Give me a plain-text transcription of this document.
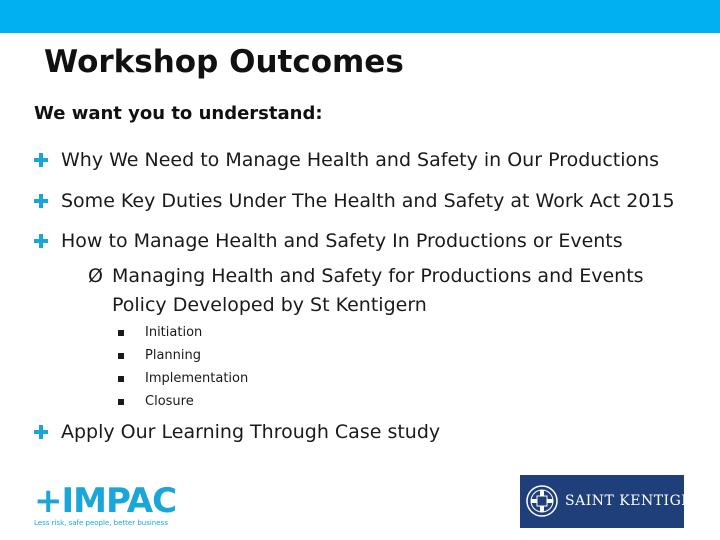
Workshop Outcomes
We want you to understand:
Why We Need to Manage Health and Safety in Our Productions
Some Key Duties Under The Health and Safety at Work Act 2015
How to Manage Health and Safety In Productions or Events
Ø Managing Health and Safety for Productions and Events
Policy Developed by St Kentigern
Initiation
Planning
Implementation
Closure
Apply Our Learning Through Case study
+IMPAC
Less risk, safe people, better business
SAINT KENTIGERN
